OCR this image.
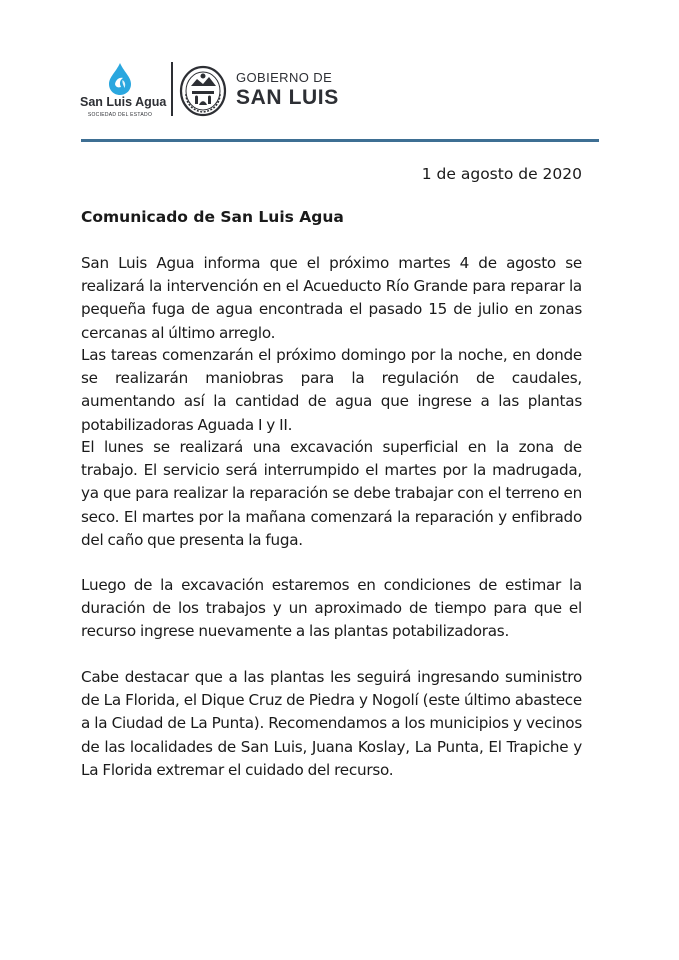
San Luis Agua
SOCIEDAD DEL ESTADO
GOBIERNO DE
SAN LUIS
1 de agosto de 2020
Comunicado de San Luis Agua

San Luis Agua informa que el próximo martes 4 de agosto se realizará la intervención en el Acueducto Río Grande para reparar la pequeña fuga de agua encontrada el pasado 15 de julio en zonas cercanas al último arreglo.

Las tareas comenzarán el próximo domingo por la noche, en donde se realizarán maniobras para la regulación de caudales, aumentando así la cantidad de agua que ingrese a las plantas potabilizadoras Aguada I y II.

El lunes se realizará una excavación superficial en la zona de trabajo. El servicio será interrumpido el martes por la madrugada, ya que para realizar la reparación se debe trabajar con el terreno en seco. El martes por la mañana comenzará la reparación y enfibrado del caño que presenta la fuga.

Luego de la excavación estaremos en condiciones de estimar la duración de los trabajos y un aproximado de tiempo para que el recurso ingrese nuevamente a las plantas potabilizadoras.

Cabe destacar que a las plantas les seguirá ingresando suministro de La Florida, el Dique Cruz de Piedra y Nogolí (este último abastece a la Ciudad de La Punta). Recomendamos a los municipios y vecinos de las localidades de San Luis, Juana Koslay, La Punta, El Trapiche y La Florida extremar el cuidado del recurso.
